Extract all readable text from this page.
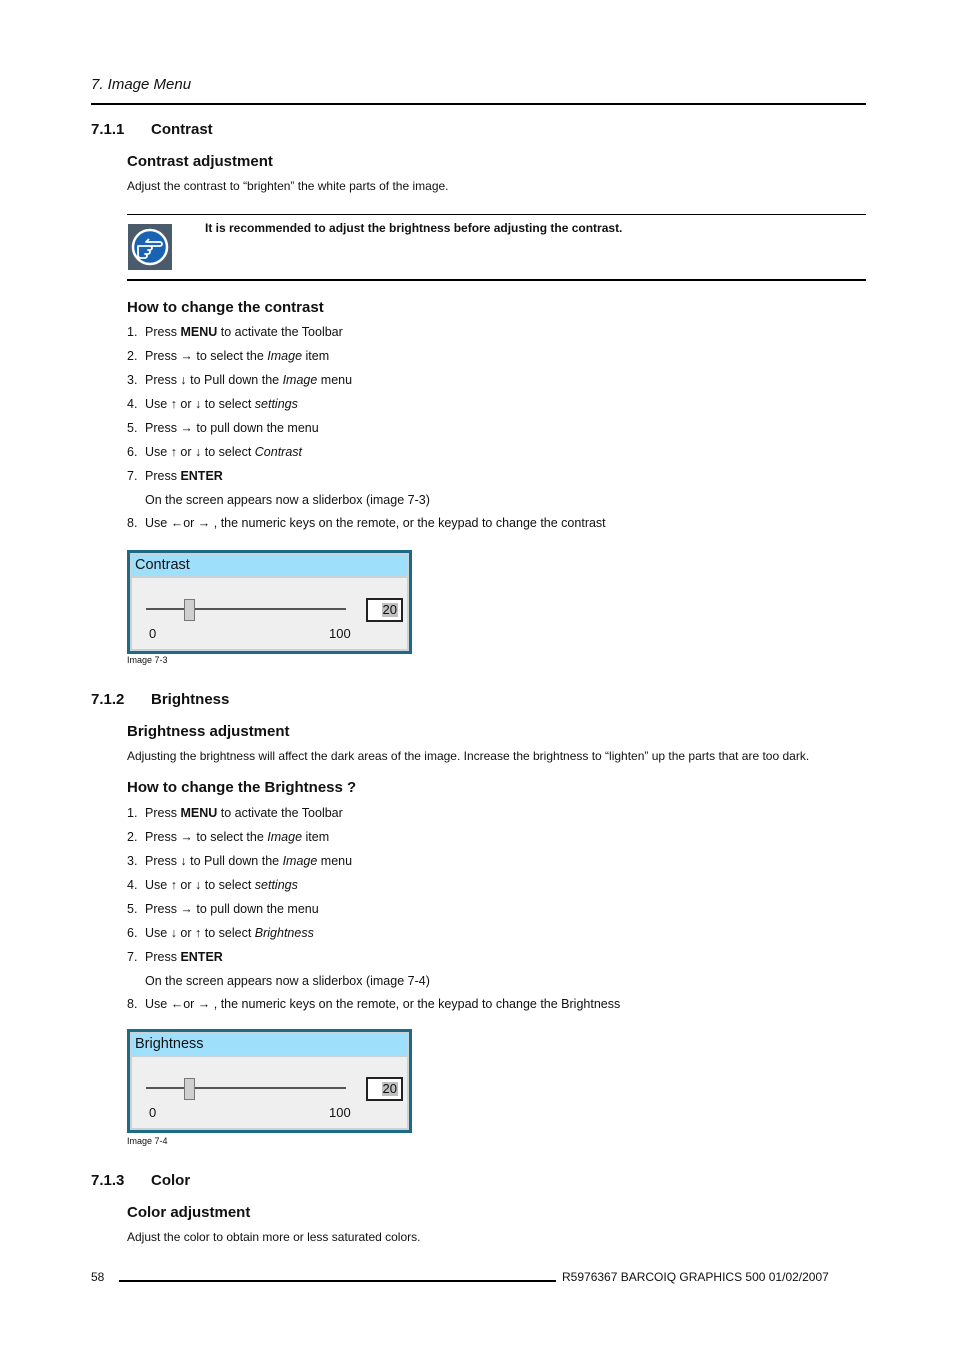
7. Image Menu
7.1.1 Contrast
Contrast adjustment
Adjust the contrast to “brighten” the white parts of the image.
It is recommended to adjust the brightness before adjusting the contrast.
How to change the contrast
1. Press MENU to activate the Toolbar
2. Press → to select the Image item
3. Press ↓ to Pull down the Image menu
4. Use ↑ or ↓ to select settings
5. Press → to pull down the menu
6. Use ↑ or ↓ to select Contrast
7. Press ENTER
On the screen appears now a sliderbox (image 7-3)
8. Use ←or → , the numeric keys on the remote, or the keypad to change the contrast
Contrast
20
0	100
Image 7-3
7.1.2 Brightness
Brightness adjustment
Adjusting the brightness will affect the dark areas of the image. Increase the brightness to “lighten” up the parts that are too dark.
How to change the Brightness ?
1. Press MENU to activate the Toolbar
2. Press → to select the Image item
3. Press ↓ to Pull down the Image menu
4. Use ↑ or ↓ to select settings
5. Press → to pull down the menu
6. Use ↓ or ↑ to select Brightness
7. Press ENTER
On the screen appears now a sliderbox (image 7-4)
8. Use ←or → , the numeric keys on the remote, or the keypad to change the Brightness
Brightness
20
0	100
Image 7-4
7.1.3 Color
Color adjustment
Adjust the color to obtain more or less saturated colors.
58	R5976367 BARCOIQ GRAPHICS 500 01/02/2007
